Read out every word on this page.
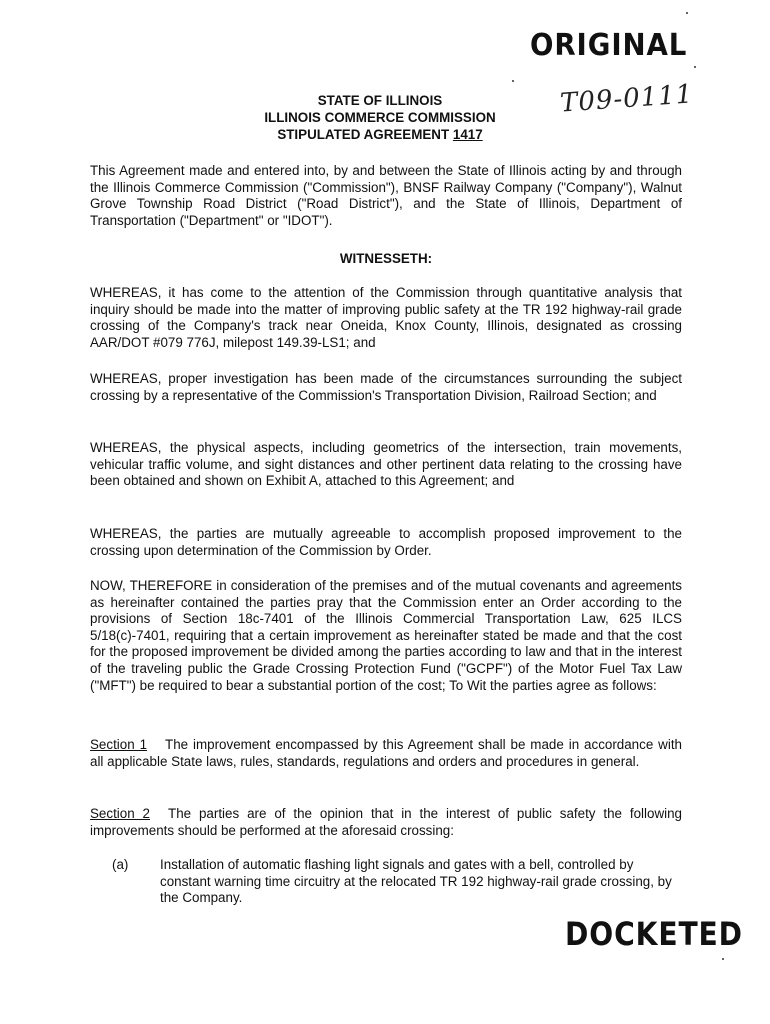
ORIGINAL
T09-0111
STATE OF ILLINOIS
ILLINOIS COMMERCE COMMISSION
STIPULATED AGREEMENT 1417

This Agreement made and entered into, by and between the State of Illinois acting by and through the Illinois Commerce Commission ("Commission"), BNSF Railway Company ("Company"), Walnut Grove Township Road District ("Road District"), and the State of Illinois, Department of Transportation ("Department" or "IDOT").

WITNESSETH:

WHEREAS, it has come to the attention of the Commission through quantitative analysis that inquiry should be made into the matter of improving public safety at the TR 192 highway-rail grade crossing of the Company's track near Oneida, Knox County, Illinois, designated as crossing AAR/DOT #079 776J, milepost 149.39-LS1; and

WHEREAS, proper investigation has been made of the circumstances surrounding the subject crossing by a representative of the Commission's Transportation Division, Railroad Section; and

WHEREAS, the physical aspects, including geometrics of the intersection, train movements, vehicular traffic volume, and sight distances and other pertinent data relating to the crossing have been obtained and shown on Exhibit A, attached to this Agreement; and

WHEREAS, the parties are mutually agreeable to accomplish proposed improvement to the crossing upon determination of the Commission by Order.

NOW, THEREFORE in consideration of the premises and of the mutual covenants and agreements as hereinafter contained the parties pray that the Commission enter an Order according to the provisions of Section 18c-7401 of the Illinois Commercial Transportation Law, 625 ILCS 5/18(c)-7401, requiring that a certain improvement as hereinafter stated be made and that the cost for the proposed improvement be divided among the parties according to law and that in the interest of the traveling public the Grade Crossing Protection Fund ("GCPF") of the Motor Fuel Tax Law ("MFT") be required to bear a substantial portion of the cost; To Wit the parties agree as follows:

Section 1 The improvement encompassed by this Agreement shall be made in accordance with all applicable State laws, rules, standards, regulations and orders and procedures in general.

Section 2 The parties are of the opinion that in the interest of public safety the following improvements should be performed at the aforesaid crossing:

(a) Installation of automatic flashing light signals and gates with a bell, controlled by constant warning time circuitry at the relocated TR 192 highway-rail grade crossing, by the Company.
DOCKETED
